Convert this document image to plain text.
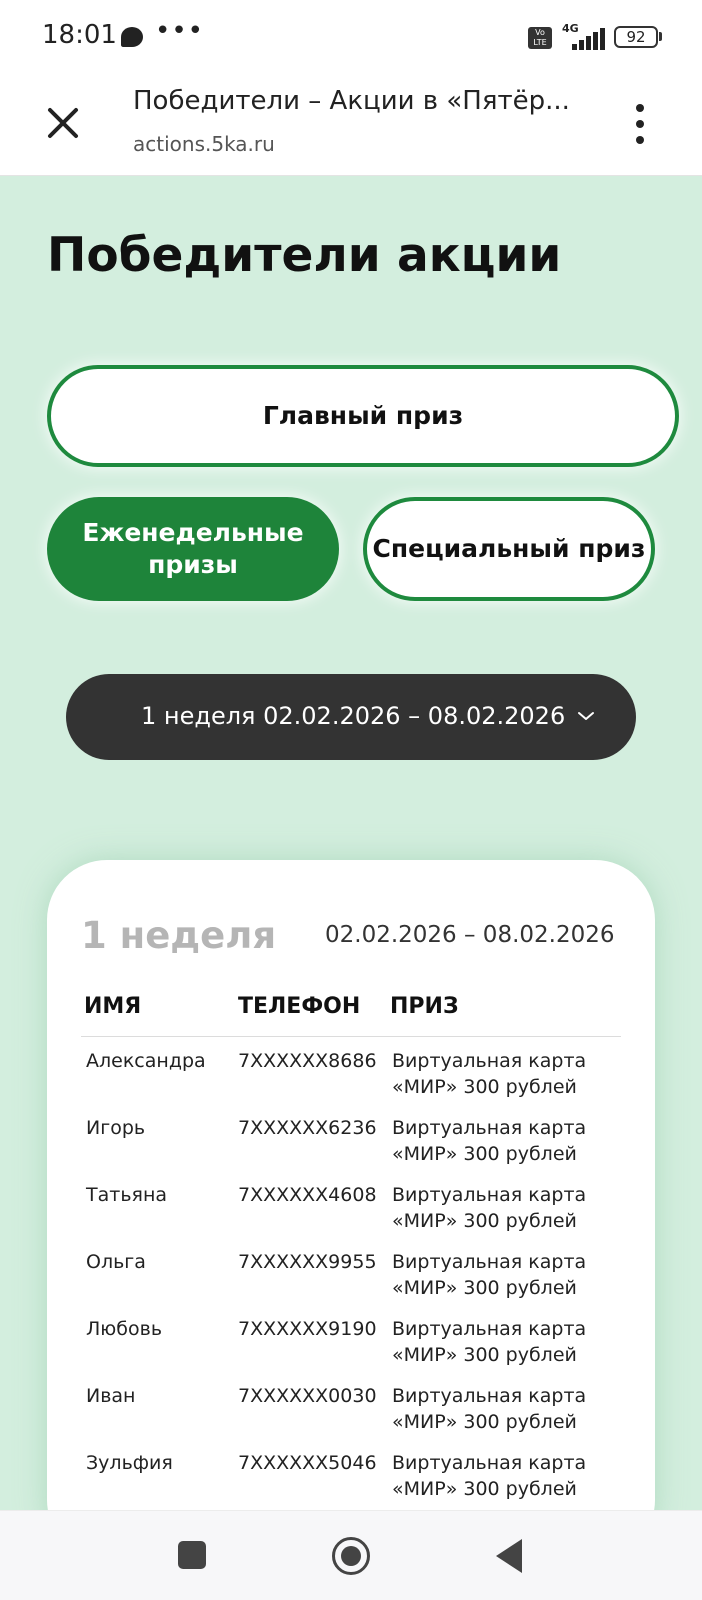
18:01 •••	Vo LTE
4G	92
Победители – Акции в «Пятёр...
actions.5ka.ru
Победители акции
Главный приз
Еженедельные призы
Специальный приз
1 неделя 02.02.2026 – 08.02.2026
1 неделя 02.02.2026 – 08.02.2026
ИМЯ	ТЕЛЕФОН ПРИЗ
Александра 7XXXXXX8686 Виртуальная карта «МИР» 300 рублей
Игорь	7XXXXXX6236 Виртуальная карта «МИР» 300 рублей
Татьяна	7XXXXXX4608 Виртуальная карта «МИР» 300 рублей
Ольга	7XXXXXX9955 Виртуальная карта «МИР» 300 рублей
Любовь	7XXXXXX9190 Виртуальная карта «МИР» 300 рублей
Иван	7XXXXXX0030 Виртуальная карта «МИР» 300 рублей
Зульфия	7XXXXXX5046 Виртуальная карта «МИР» 300 рублей
